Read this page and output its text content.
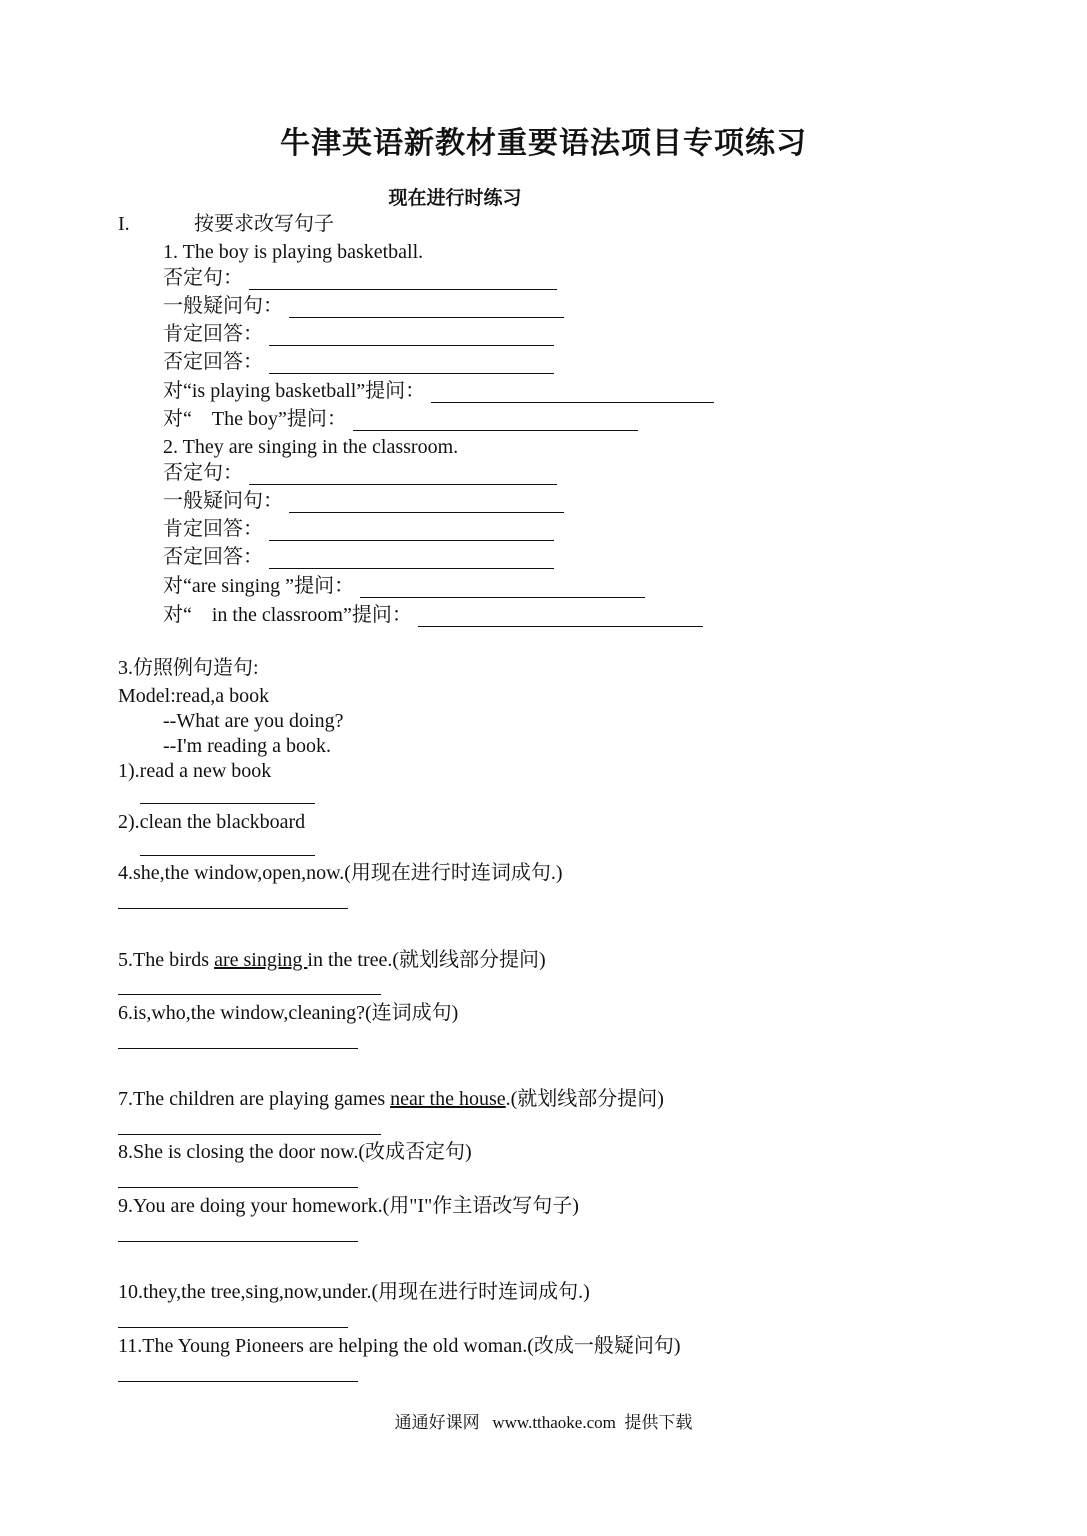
牛津英语新教材重要语法项目专项练习
现在进行时练习
I.	按要求改写句子
1. The boy is playing basketball.
否定句：
一般疑问句：
肯定回答：
否定回答：
对“is playing basketball”提问：
对“    The boy”提问：
2. They are singing in the classroom.
否定句：
一般疑问句：
肯定回答：
否定回答：
对“are singing ”提问：
对“    in the classroom”提问：
3.仿照例句造句:
Model:read,a book
--What are you doing?
--I'm reading a book.
1).read a new book
2).clean the blackboard
4.she,the window,open,now.(用现在进行时连词成句.)
5.The birds are singing in the tree.(就划线部分提问)
6.is,who,the window,cleaning?(连词成句)
7.The children are playing games near the house.(就划线部分提问)
8.She is closing the door now.(改成否定句)
9.You are doing your homework.(用"I"作主语改写句子)
10.they,the tree,sing,now,under.(用现在进行时连词成句.)
11.The Young Pioneers are helping the old woman.(改成一般疑问句)
通通好课网   www.tthaoke.com  提供下载
